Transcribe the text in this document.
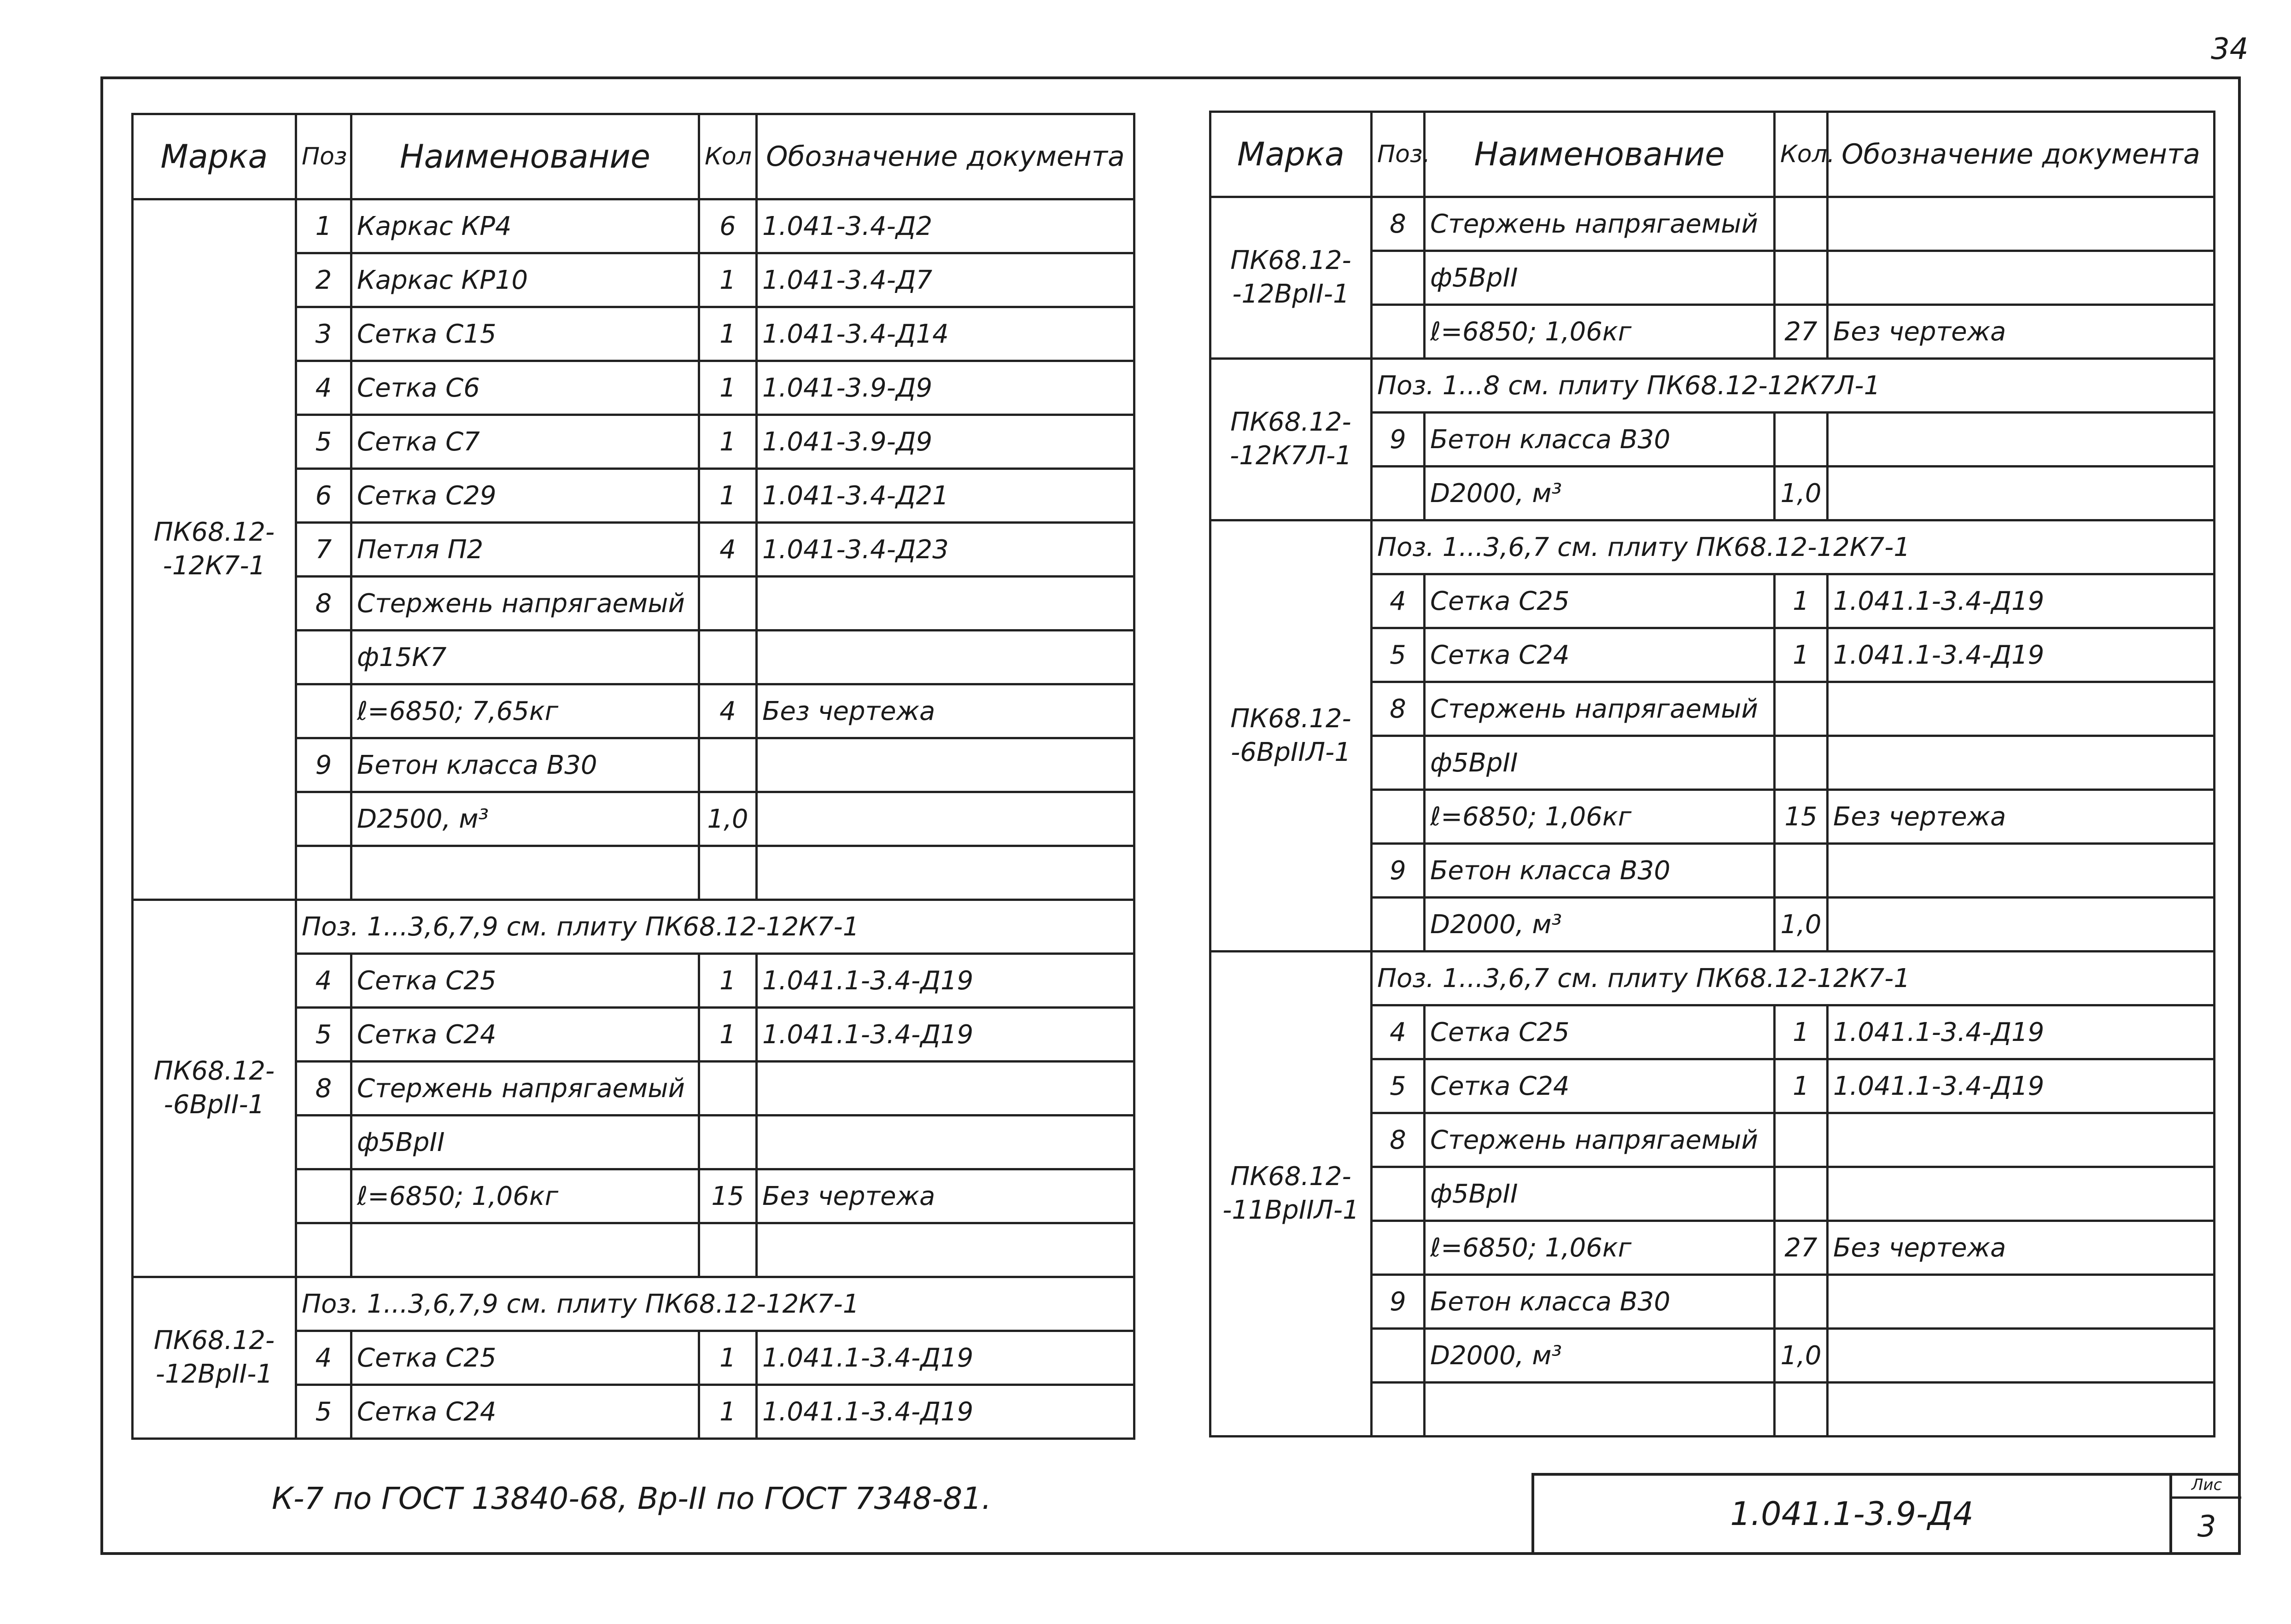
34
Марка	Поз	Наименование	Кол	Обозначение документа
ПК68.12-
-12К7-1	1	Каркас КР4	6	1.041-3.4-Д2
	2	Каркас КР10	1	1.041-3.4-Д7
	3	Сетка С15	1	1.041-3.4-Д14
	4	Сетка С6	1	1.041-3.9-Д9
	5	Сетка С7	1	1.041-3.9-Д9
	6	Сетка С29	1	1.041-3.4-Д21
	7	Петля П2	4	1.041-3.4-Д23
	8	Стержень напрягаемый		
		ф15К7		
		ℓ=6850; 7,65кг	4	Без чертежа
	9	Бетон класса В30		
		D2500, м³	1,0	

ПК68.12-
-6ВрII-1	Поз. 1...3,6,7,9 см. плиту ПК68.12-12К7-1			
	4	Сетка С25	1	1.041.1-3.4-Д19
	5	Сетка С24	1	1.041.1-3.4-Д19
	8	Стержень напрягаемый		
		ф5ВрII		
		ℓ=6850; 1,06кг	15	Без чертежа

ПК68.12-
-12ВрII-1	Поз. 1...3,6,7,9 см. плиту ПК68.12-12К7-1			
	4	Сетка С25	1	1.041.1-3.4-Д19
	5	Сетка С24	1	1.041.1-3.4-Д19
Марка	Поз.	Наименование	Кол.	Обозначение документа
ПК68.12-
-12ВрII-1	8	Стержень напрягаемый		
		ф5ВрII		
		ℓ=6850; 1,06кг	27	Без чертежа
ПК68.12-
-12К7Л-1	Поз. 1...8 см. плиту ПК68.12-12К7Л-1			
	9	Бетон класса В30		
		D2000, м³	1,0	
ПК68.12-
-6ВрIIЛ-1	Поз. 1...3,6,7 см. плиту ПК68.12-12К7-1			
	4	Сетка С25	1	1.041.1-3.4-Д19
	5	Сетка С24	1	1.041.1-3.4-Д19
	8	Стержень напрягаемый		
		ф5ВрII		
		ℓ=6850; 1,06кг	15	Без чертежа
	9	Бетон класса В30		
		D2000, м³	1,0	
ПК68.12-
-11ВрIIЛ-1	Поз. 1...3,6,7 см. плиту ПК68.12-12К7-1			
	4	Сетка С25	1	1.041.1-3.4-Д19
	5	Сетка С24	1	1.041.1-3.4-Д19
	8	Стержень напрягаемый		
		ф5ВрII		
		ℓ=6850; 1,06кг	27	Без чертежа
	9	Бетон класса В30		
		D2000, м³	1,0	

К-7 по ГОСТ 13840-68, Вр-II по ГОСТ 7348-81.	1.041.1-3.9-Д4
Лис
3
